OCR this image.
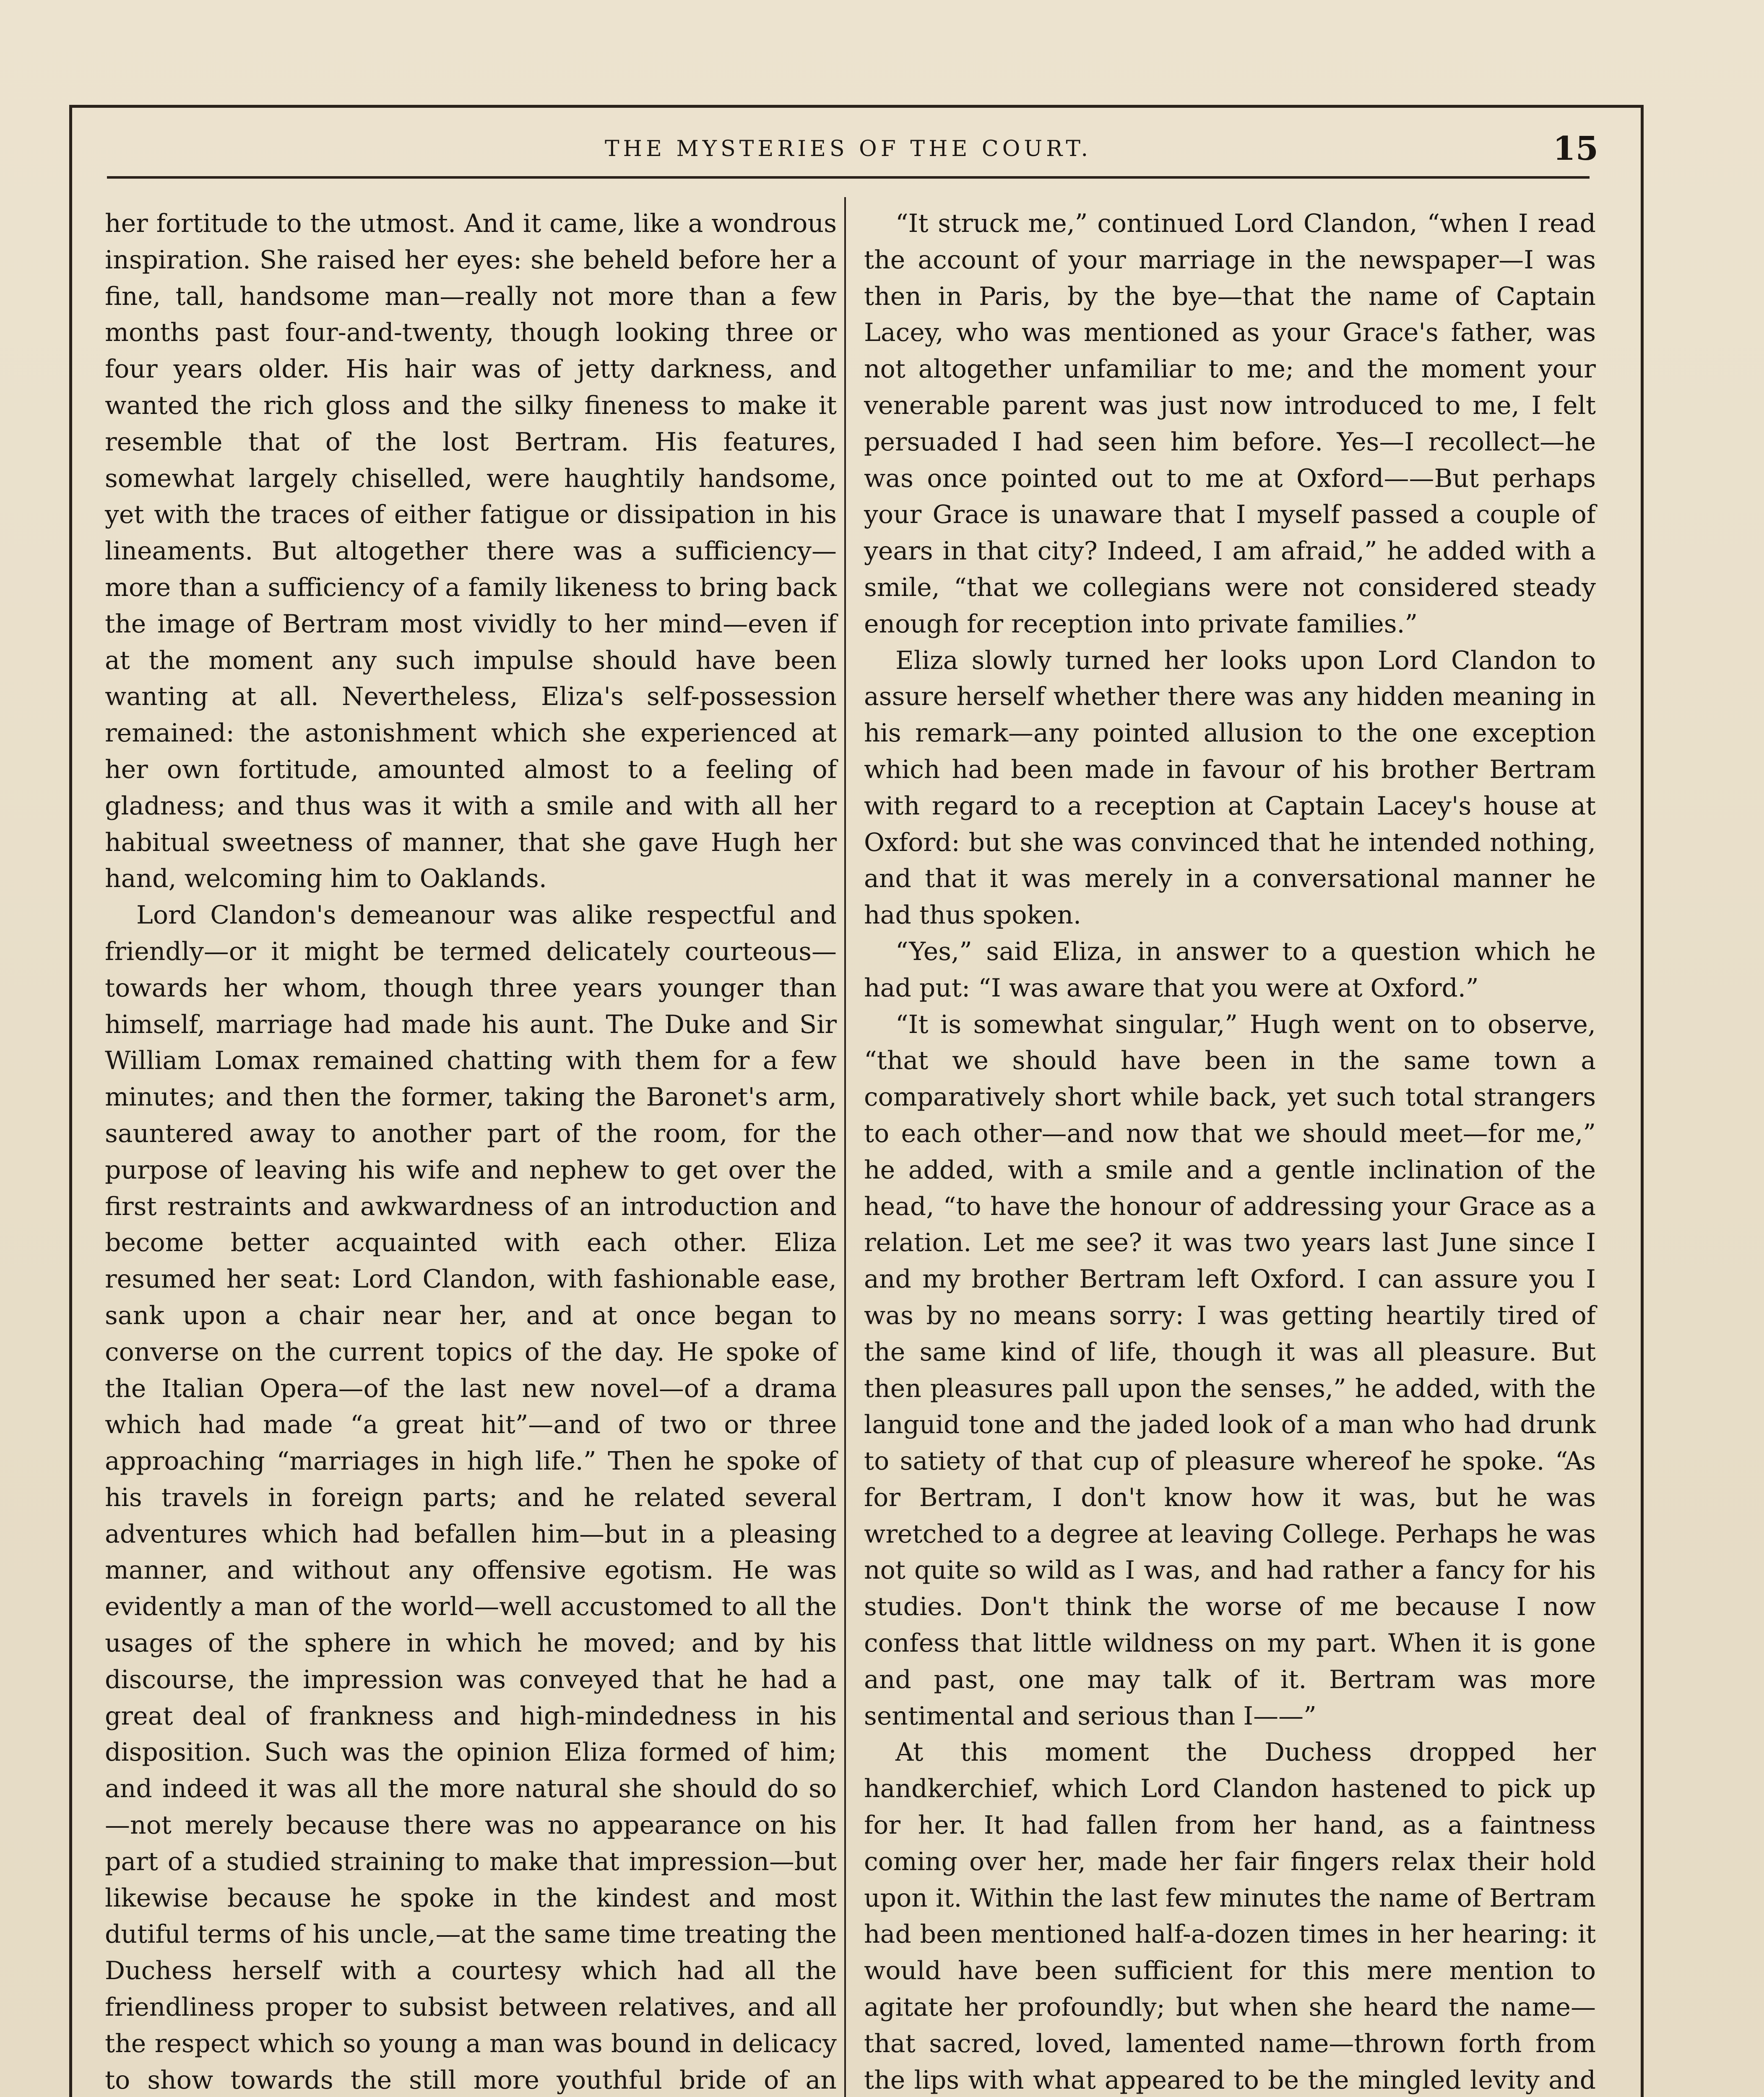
THE MYSTERIES OF THE COURT.	15

her fortitude to the utmost. And it came, like a wondrous inspiration. She raised her eyes: she beheld before her a fine, tall, handsome man—really not more than a few months past four-and-twenty, though looking three or four years older. His hair was of jetty darkness, and wanted the rich gloss and the silky fineness to make it resemble that of the lost Bertram. His features, somewhat largely chiselled, were haughtily handsome, yet with the traces of either fatigue or dissipation in his lineaments. But altogether there was a sufficiency—more than a sufficiency of a family likeness to bring back the image of Bertram most vividly to her mind—even if at the moment any such impulse should have been wanting at all. Nevertheless, Eliza's self-possession remained: the astonishment which she experienced at her own fortitude, amounted almost to a feeling of gladness; and thus was it with a smile and with all her habitual sweetness of manner, that she gave Hugh her hand, welcoming him to Oaklands.

Lord Clandon's demeanour was alike respectful and friendly—or it might be termed delicately courteous—towards her whom, though three years younger than himself, marriage had made his aunt. The Duke and Sir William Lomax remained chatting with them for a few minutes; and then the former, taking the Baronet's arm, sauntered away to another part of the room, for the purpose of leaving his wife and nephew to get over the first restraints and awkwardness of an introduction and become better acquainted with each other. Eliza resumed her seat: Lord Clandon, with fashionable ease, sank upon a chair near her, and at once began to converse on the current topics of the day. He spoke of the Italian Opera—of the last new novel—of a drama which had made “a great hit”—and of two or three approaching “marriages in high life.” Then he spoke of his travels in foreign parts; and he related several adventures which had befallen him—but in a pleasing manner, and without any offensive egotism. He was evidently a man of the world—well accustomed to all the usages of the sphere in which he moved; and by his discourse, the impression was conveyed that he had a great deal of frankness and high-mindedness in his disposition. Such was the opinion Eliza formed of him; and indeed it was all the more natural she should do so—not merely because there was no appearance on his part of a studied straining to make that impression—but likewise because he spoke in the kindest and most dutiful terms of his uncle,—at the same time treating the Duchess herself with a courtesy which had all the friendliness proper to subsist between relatives, and all the respect which so young a man was bound in delicacy to show towards the still more youthful bride of an

“It struck me,” continued Lord Clandon, “when I read the account of your marriage in the newspaper—I was then in Paris, by the bye—that the name of Captain Lacey, who was mentioned as your Grace's father, was not altogether unfamiliar to me; and the moment your venerable parent was just now introduced to me, I felt persuaded I had seen him before. Yes—I recollect—he was once pointed out to me at Oxford——But perhaps your Grace is unaware that I myself passed a couple of years in that city? Indeed, I am afraid,” he added with a smile, “that we collegians were not considered steady enough for reception into private families.”

Eliza slowly turned her looks upon Lord Clandon to assure herself whether there was any hidden meaning in his remark—any pointed allusion to the one exception which had been made in favour of his brother Bertram with regard to a reception at Captain Lacey's house at Oxford: but she was convinced that he intended nothing, and that it was merely in a conversational manner he had thus spoken.

“Yes,” said Eliza, in answer to a question which he had put: “I was aware that you were at Oxford.”

“It is somewhat singular,” Hugh went on to observe, “that we should have been in the same town a comparatively short while back, yet such total strangers to each other—and now that we should meet—for me,” he added, with a smile and a gentle inclination of the head, “to have the honour of addressing your Grace as a relation. Let me see? it was two years last June since I and my brother Bertram left Oxford. I can assure you I was by no means sorry: I was getting heartily tired of the same kind of life, though it was all pleasure. But then pleasures pall upon the senses,” he added, with the languid tone and the jaded look of a man who had drunk to satiety of that cup of pleasure whereof he spoke. “As for Bertram, I don't know how it was, but he was wretched to a degree at leaving College. Perhaps he was not quite so wild as I was, and had rather a fancy for his studies. Don't think the worse of me because I now confess that little wildness on my part. When it is gone and past, one may talk of it. Bertram was more sentimental and serious than I——”

At this moment the Duchess dropped her handkerchief, which Lord Clandon hastened to pick up for her. It had fallen from her hand, as a faintness coming over her, made her fair fingers relax their hold upon it. Within the last few minutes the name of Bertram had been mentioned half-a-dozen times in her hearing: it would have been sufficient for this mere mention to agitate her profoundly; but when she heard the name—that sacred, loved, lamented name—thrown forth from the lips with what appeared to be the mingled levity and
